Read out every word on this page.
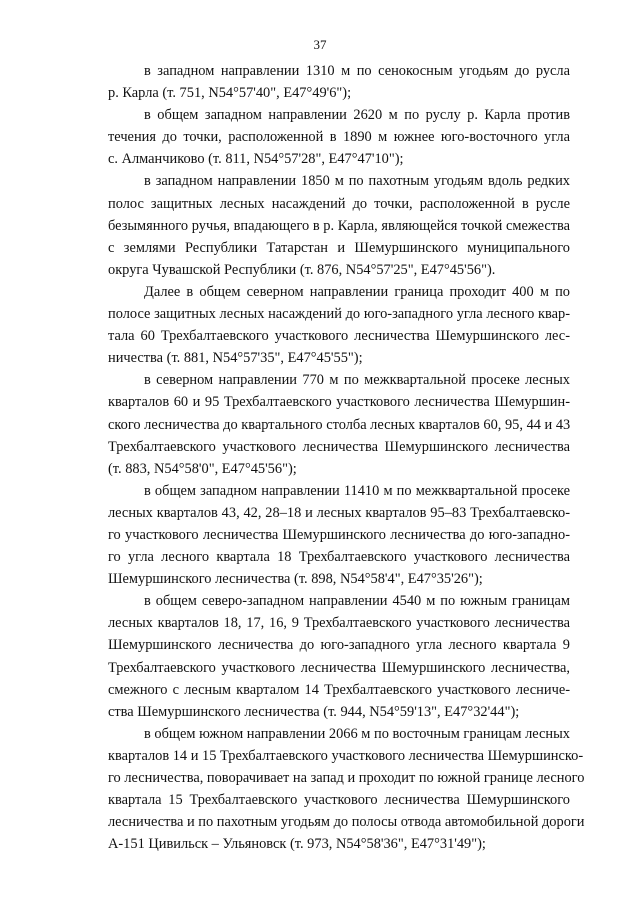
37
в западном направлении 1310 м по сенокосным угодьям до русла
р. Карла (т. 751, N54°57'40", E47°49'6");
в общем западном направлении 2620 м по руслу р. Карла против
течения до точки, расположенной в 1890 м южнее юго-восточного угла
с. Алманчиково (т. 811, N54°57'28", E47°47'10");
в западном направлении 1850 м по пахотным угодьям вдоль редких
полос защитных лесных насаждений до точки, расположенной в русле
безымянного ручья, впадающего в р. Карла, являющейся точкой смежества
с землями Республики Татарстан и Шемуршинского муниципального
округа Чувашской Республики (т. 876, N54°57'25", E47°45'56").
Далее в общем северном направлении граница проходит 400 м по
полосе защитных лесных насаждений до юго-западного угла лесного квар-
тала 60 Трехбалтаевского участкового лесничества Шемуршинского лес-
ничества (т. 881, N54°57'35", E47°45'55");
в северном направлении 770 м по межквартальной просеке лесных
кварталов 60 и 95 Трехбалтаевского участкового лесничества Шемуршин-
ского лесничества до квартального столба лесных кварталов 60, 95, 44 и 43
Трехбалтаевского участкового лесничества Шемуршинского лесничества
(т. 883, N54°58'0", E47°45'56");
в общем западном направлении 11410 м по межквартальной просеке
лесных кварталов 43, 42, 28–18 и лесных кварталов 95–83 Трехбалтаевско-
го участкового лесничества Шемуршинского лесничества до юго-западно-
го угла лесного квартала 18 Трехбалтаевского участкового лесничества
Шемуршинского лесничества (т. 898, N54°58'4", E47°35'26");
в общем северо-западном направлении 4540 м по южным границам
лесных кварталов 18, 17, 16, 9 Трехбалтаевского участкового лесничества
Шемуршинского лесничества до юго-западного угла лесного квартала 9
Трехбалтаевского участкового лесничества Шемуршинского лесничества,
смежного с лесным кварталом 14 Трехбалтаевского участкового лесниче-
ства Шемуршинского лесничества (т. 944, N54°59'13", E47°32'44");
в общем южном направлении 2066 м по восточным границам лесных
кварталов 14 и 15 Трехбалтаевского участкового лесничества Шемуршинско-
го лесничества, поворачивает на запад и проходит по южной границе лесного
квартала 15 Трехбалтаевского участкового лесничества Шемуршинского
лесничества и по пахотным угодьям до полосы отвода автомобильной дороги
А-151 Цивильск – Ульяновск (т. 973, N54°58'36", E47°31'49");
